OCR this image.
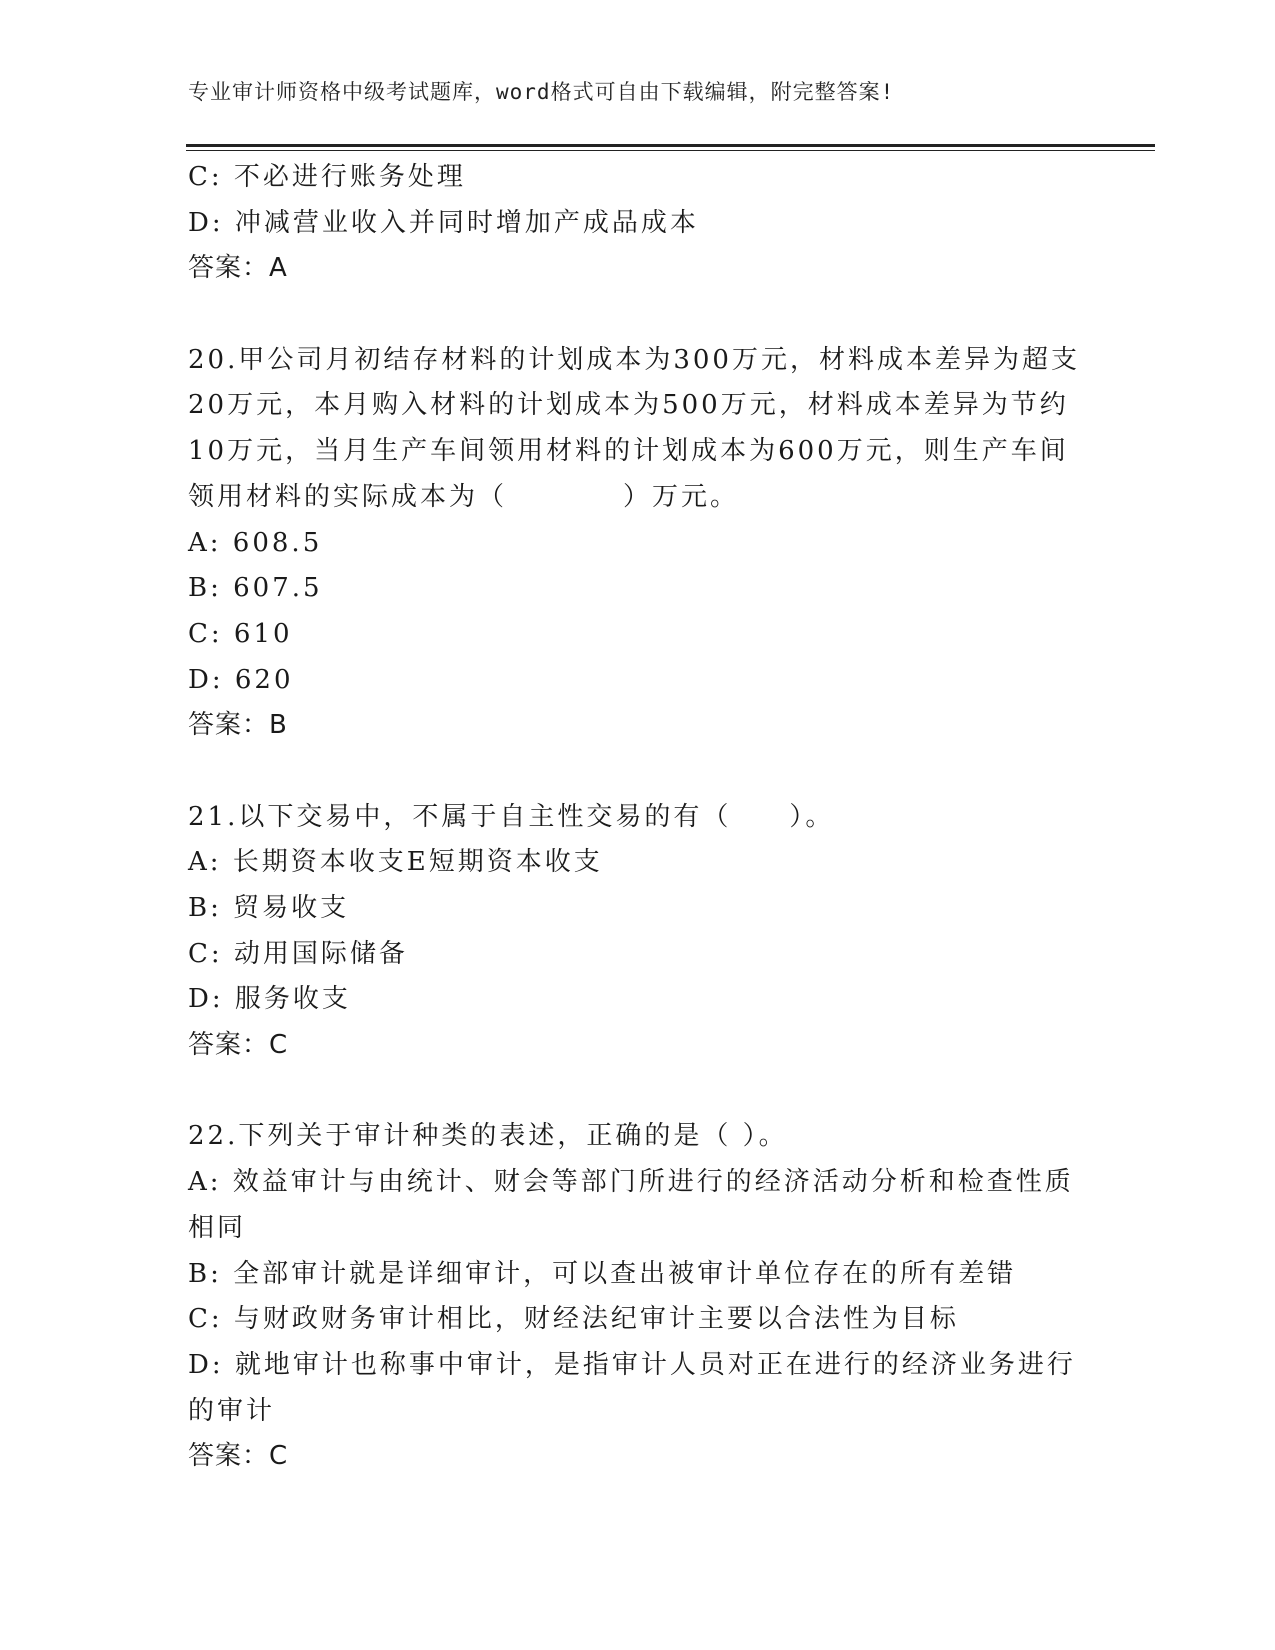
专业审计师资格中级考试题库，word格式可自由下载编辑，附完整答案!
C: 不必进行账务处理
D: 冲减营业收入并同时增加产成品成本
答案：A
20.甲公司月初结存材料的计划成本为300万元，材料成本差异为超支
20万元，本月购入材料的计划成本为500万元，材料成本差异为节约
10万元，当月生产车间领用材料的计划成本为600万元，则生产车间
领用材料的实际成本为（　　　　）万元。
A: 608.5
B: 607.5
C: 610
D: 620
答案：B
21.以下交易中，不属于自主性交易的有（　　）。
A: 长期资本收支E短期资本收支
B: 贸易收支
C: 动用国际储备
D: 服务收支
答案：C
22.下列关于审计种类的表述，正确的是（ ）。
A: 效益审计与由统计、财会等部门所进行的经济活动分析和检查性质
相同
B: 全部审计就是详细审计，可以查出被审计单位存在的所有差错
C: 与财政财务审计相比，财经法纪审计主要以合法性为目标
D: 就地审计也称事中审计，是指审计人员对正在进行的经济业务进行
的审计
答案：C
